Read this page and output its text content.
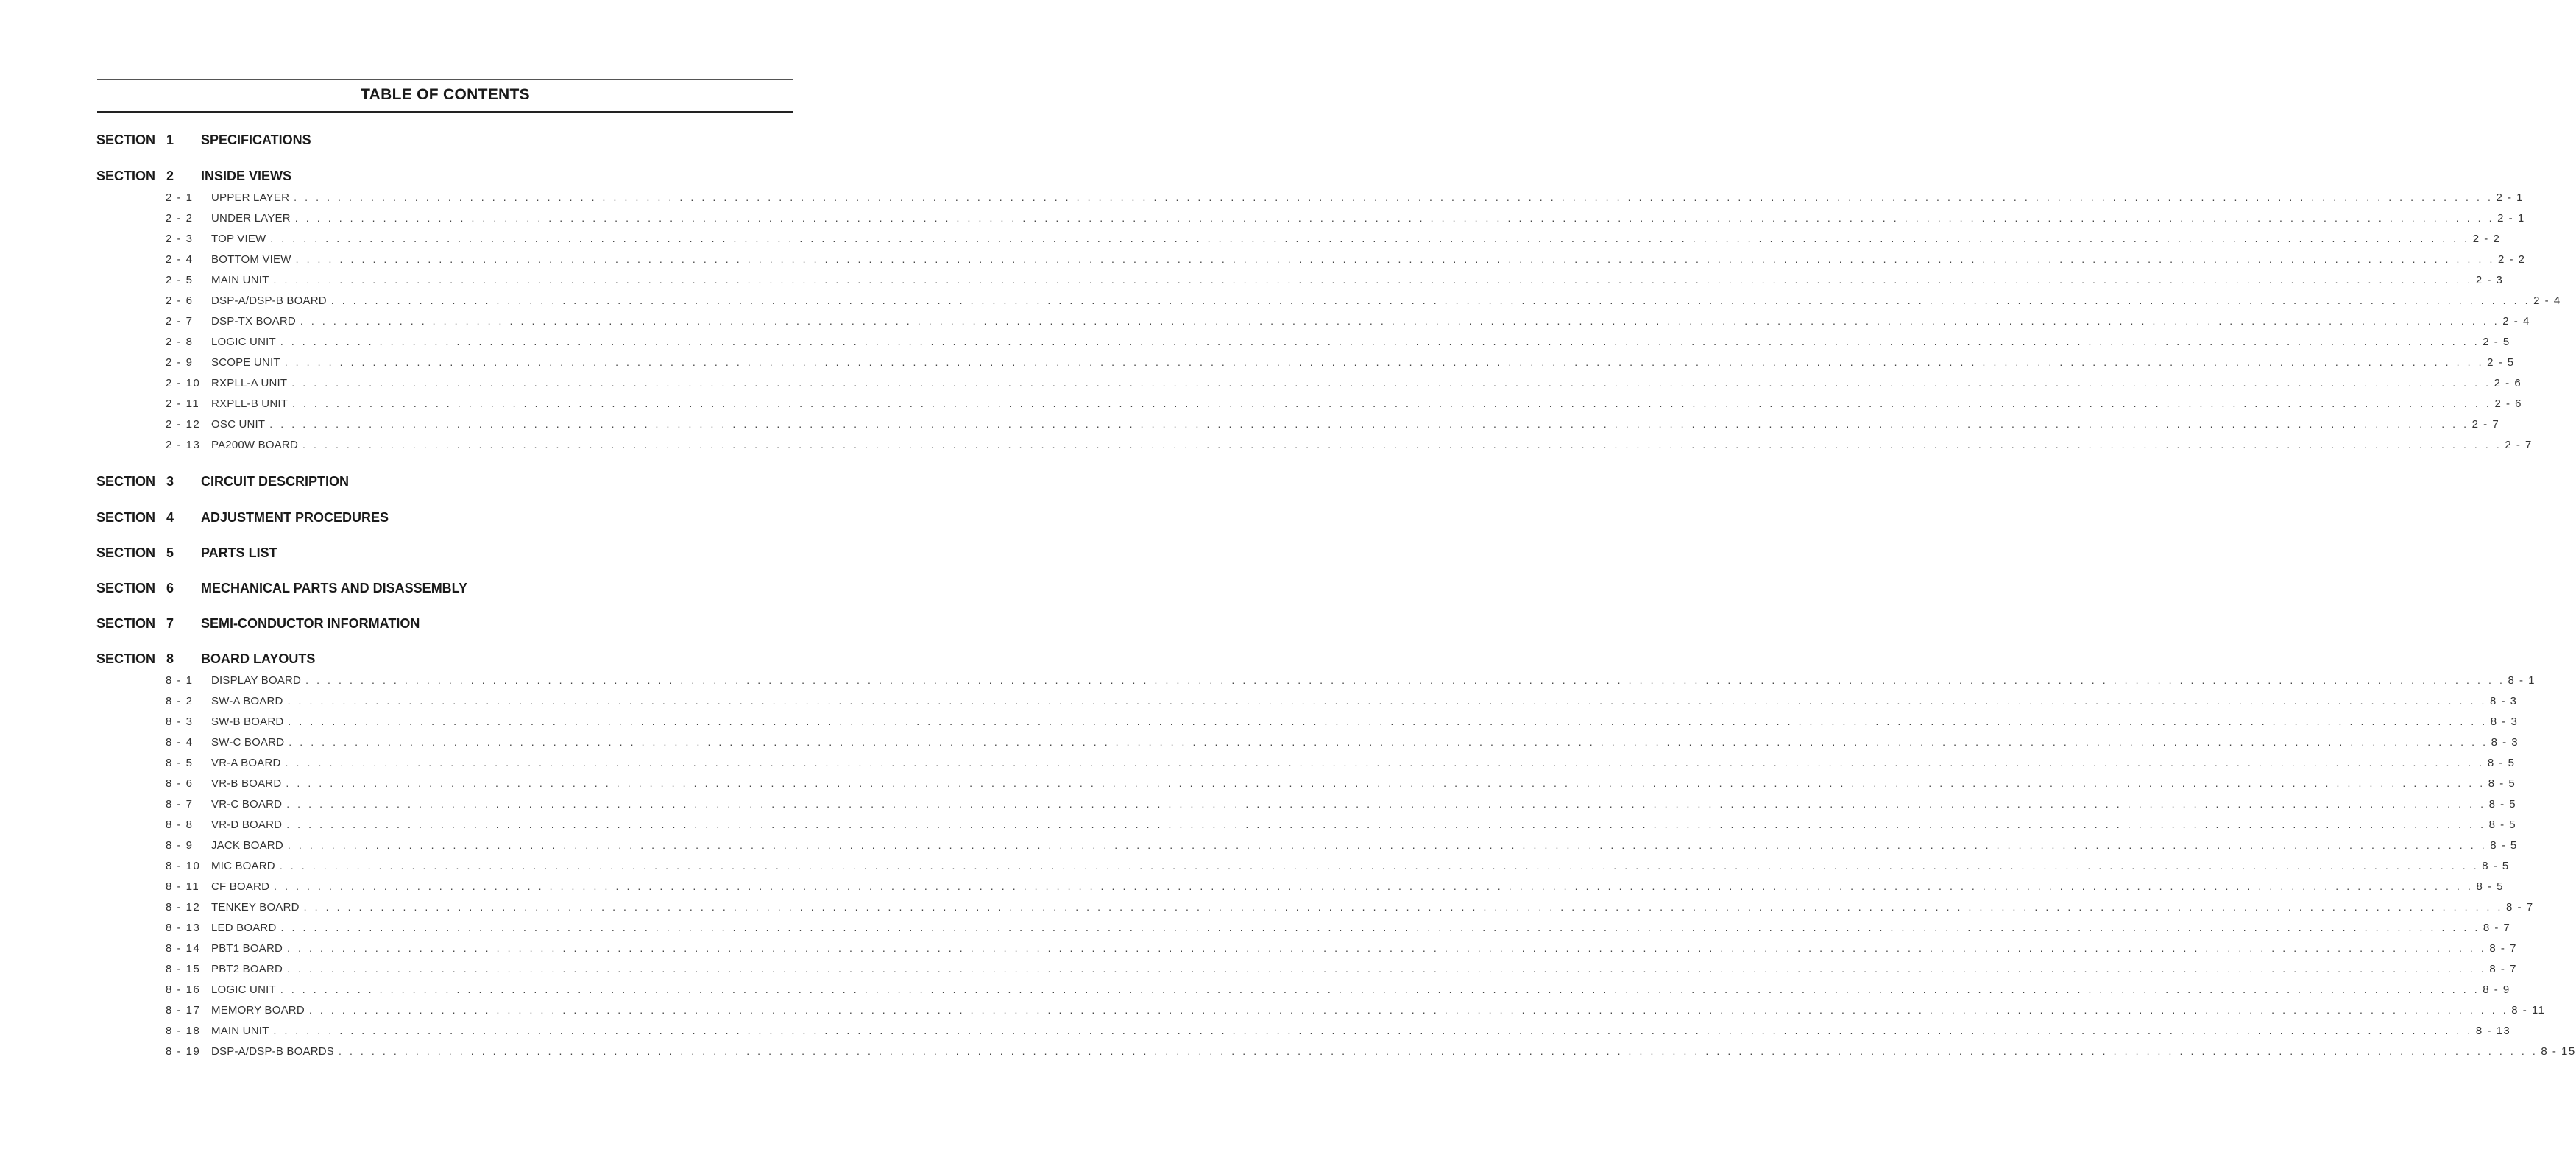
TABLE OF CONTENTS
SECTION 1 SPECIFICATIONS
SECTION 2 INSIDE VIEWS
2 - 1 UPPER LAYER . . . . . . . . . . . . . . . . . . . . . . . . . . . . . . . . . . . . . . . . . . . . . . . . . . . . . . . . . . . . . . . . . . . . . . . . . . . . . . . . . . . . . . . . . . . . . . . . . . . . . . . . . . . . . . . . . . . . . . . . . . . . . . . . . . . . . . . . . . . . . . . . . . . . . . . . . . . . . . . . . . . . . . . . . . . . . . . . . . . . . . . . . . . . . . . . . . . . . . . . 2 - 1
2 - 2 UNDER LAYER . . . . . . . . . . . . . . . . . . . . . . . . . . . . . . . . . . . . . . . . . . . . . . . . . . . . . . . . . . . . . . . . . . . . . . . . . . . . . . . . . . . . . . . . . . . . . . . . . . . . . . . . . . . . . . . . . . . . . . . . . . . . . . . . . . . . . . . . . . . . . . . . . . . . . . . . . . . . . . . . . . . . . . . . . . . . . . . . . . . . . . . . . . . . . . . . . . . . . . . . 2 - 1
2 - 3 TOP VIEW . . . . . . . . . . . . . . . . . . . . . . . . . . . . . . . . . . . . . . . . . . . . . . . . . . . . . . . . . . . . . . . . . . . . . . . . . . . . . . . . . . . . . . . . . . . . . . . . . . . . . . . . . . . . . . . . . . . . . . . . . . . . . . . . . . . . . . . . . . . . . . . . . . . . . . . . . . . . . . . . . . . . . . . . . . . . . . . . . . . . . . . . . . . . . . . . . . . . . . . . 2 - 2
2 - 4 BOTTOM VIEW . . . . . . . . . . . . . . . . . . . . . . . . . . . . . . . . . . . . . . . . . . . . . . . . . . . . . . . . . . . . . . . . . . . . . . . . . . . . . . . . . . . . . . . . . . . . . . . . . . . . . . . . . . . . . . . . . . . . . . . . . . . . . . . . . . . . . . . . . . . . . . . . . . . . . . . . . . . . . . . . . . . . . . . . . . . . . . . . . . . . . . . . . . . . . . . . . . . . . . . . 2 - 2
2 - 5 MAIN UNIT . . . . . . . . . . . . . . . . . . . . . . . . . . . . . . . . . . . . . . . . . . . . . . . . . . . . . . . . . . . . . . . . . . . . . . . . . . . . . . . . . . . . . . . . . . . . . . . . . . . . . . . . . . . . . . . . . . . . . . . . . . . . . . . . . . . . . . . . . . . . . . . . . . . . . . . . . . . . . . . . . . . . . . . . . . . . . . . . . . . . . . . . . . . . . . . . . . . . . . . . 2 - 3
2 - 6 DSP-A/DSP-B BOARD . . . . . . . . . . . . . . . . . . . . . . . . . . . . . . . . . . . . . . . . . . . . . . . . . . . . . . . . . . . . . . . . . . . . . . . . . . . . . . . . . . . . . . . . . . . . . . . . . . . . . . . . . . . . . . . . . . . . . . . . . . . . . . . . . . . . . . . . . . . . . . . . . . . . . . . . . . . . . . . . . . . . . . . . . . . . . . . . . . . . . . . . . . . . . . . . . . . . . . . . 2 - 4
2 - 7 DSP-TX BOARD . . . . . . . . . . . . . . . . . . . . . . . . . . . . . . . . . . . . . . . . . . . . . . . . . . . . . . . . . . . . . . . . . . . . . . . . . . . . . . . . . . . . . . . . . . . . . . . . . . . . . . . . . . . . . . . . . . . . . . . . . . . . . . . . . . . . . . . . . . . . . . . . . . . . . . . . . . . . . . . . . . . . . . . . . . . . . . . . . . . . . . . . . . . . . . . . . . . . . . . . 2 - 4
2 - 8 LOGIC UNIT . . . . . . . . . . . . . . . . . . . . . . . . . . . . . . . . . . . . . . . . . . . . . . . . . . . . . . . . . . . . . . . . . . . . . . . . . . . . . . . . . . . . . . . . . . . . . . . . . . . . . . . . . . . . . . . . . . . . . . . . . . . . . . . . . . . . . . . . . . . . . . . . . . . . . . . . . . . . . . . . . . . . . . . . . . . . . . . . . . . . . . . . . . . . . . . . . . . . . . . . 2 - 5
2 - 9 SCOPE UNIT . . . . . . . . . . . . . . . . . . . . . . . . . . . . . . . . . . . . . . . . . . . . . . . . . . . . . . . . . . . . . . . . . . . . . . . . . . . . . . . . . . . . . . . . . . . . . . . . . . . . . . . . . . . . . . . . . . . . . . . . . . . . . . . . . . . . . . . . . . . . . . . . . . . . . . . . . . . . . . . . . . . . . . . . . . . . . . . . . . . . . . . . . . . . . . . . . . . . . . . . 2 - 5
2 - 10 RXPLL-A UNIT . . . . . . . . . . . . . . . . . . . . . . . . . . . . . . . . . . . . . . . . . . . . . . . . . . . . . . . . . . . . . . . . . . . . . . . . . . . . . . . . . . . . . . . . . . . . . . . . . . . . . . . . . . . . . . . . . . . . . . . . . . . . . . . . . . . . . . . . . . . . . . . . . . . . . . . . . . . . . . . . . . . . . . . . . . . . . . . . . . . . . . . . . . . . . . . . . . . . . . . . 2 - 6
2 - 11 RXPLL-B UNIT . . . . . . . . . . . . . . . . . . . . . . . . . . . . . . . . . . . . . . . . . . . . . . . . . . . . . . . . . . . . . . . . . . . . . . . . . . . . . . . . . . . . . . . . . . . . . . . . . . . . . . . . . . . . . . . . . . . . . . . . . . . . . . . . . . . . . . . . . . . . . . . . . . . . . . . . . . . . . . . . . . . . . . . . . . . . . . . . . . . . . . . . . . . . . . . . . . . . . . . . 2 - 6
2 - 12 OSC UNIT . . . . . . . . . . . . . . . . . . . . . . . . . . . . . . . . . . . . . . . . . . . . . . . . . . . . . . . . . . . . . . . . . . . . . . . . . . . . . . . . . . . . . . . . . . . . . . . . . . . . . . . . . . . . . . . . . . . . . . . . . . . . . . . . . . . . . . . . . . . . . . . . . . . . . . . . . . . . . . . . . . . . . . . . . . . . . . . . . . . . . . . . . . . . . . . . . . . . . . . . 2 - 7
2 - 13 PA200W BOARD . . . . . . . . . . . . . . . . . . . . . . . . . . . . . . . . . . . . . . . . . . . . . . . . . . . . . . . . . . . . . . . . . . . . . . . . . . . . . . . . . . . . . . . . . . . . . . . . . . . . . . . . . . . . . . . . . . . . . . . . . . . . . . . . . . . . . . . . . . . . . . . . . . . . . . . . . . . . . . . . . . . . . . . . . . . . . . . . . . . . . . . . . . . . . . . . . . . . . . . . 2 - 7
SECTION 3 CIRCUIT DESCRIPTION
SECTION 4 ADJUSTMENT PROCEDURES
SECTION 5 PARTS LIST
SECTION 6 MECHANICAL PARTS AND DISASSEMBLY
SECTION 7 SEMI-CONDUCTOR INFORMATION
SECTION 8 BOARD LAYOUTS
8 - 1 DISPLAY BOARD . . . . . . . . . . . . . . . . . . . . . . . . . . . . . . . . . . . . . . . . . . . . . . . . . . . . . . . . . . . . . . . . . . . . . . . . . . . . . . . . . . . . . . . . . . . . . . . . . . . . . . . . . . . . . . . . . . . . . . . . . . . . . . . . . . . . . . . . . . . . . . . . . . . . . . . . . . . . . . . . . . . . . . . . . . . . . . . . . . . . . . . . . . . . . . . . . . . . . . . . 8 - 1
8 - 2 SW-A BOARD . . . . . . . . . . . . . . . . . . . . . . . . . . . . . . . . . . . . . . . . . . . . . . . . . . . . . . . . . . . . . . . . . . . . . . . . . . . . . . . . . . . . . . . . . . . . . . . . . . . . . . . . . . . . . . . . . . . . . . . . . . . . . . . . . . . . . . . . . . . . . . . . . . . . . . . . . . . . . . . . . . . . . . . . . . . . . . . . . . . . . . . . . . . . . . . . . . . . . . . . 8 - 3
8 - 3 SW-B BOARD . . . . . . . . . . . . . . . . . . . . . . . . . . . . . . . . . . . . . . . . . . . . . . . . . . . . . . . . . . . . . . . . . . . . . . . . . . . . . . . . . . . . . . . . . . . . . . . . . . . . . . . . . . . . . . . . . . . . . . . . . . . . . . . . . . . . . . . . . . . . . . . . . . . . . . . . . . . . . . . . . . . . . . . . . . . . . . . . . . . . . . . . . . . . . . . . . . . . . . . . 8 - 3
8 - 4 SW-C BOARD . . . . . . . . . . . . . . . . . . . . . . . . . . . . . . . . . . . . . . . . . . . . . . . . . . . . . . . . . . . . . . . . . . . . . . . . . . . . . . . . . . . . . . . . . . . . . . . . . . . . . . . . . . . . . . . . . . . . . . . . . . . . . . . . . . . . . . . . . . . . . . . . . . . . . . . . . . . . . . . . . . . . . . . . . . . . . . . . . . . . . . . . . . . . . . . . . . . . . . . . 8 - 3
8 - 5 VR-A BOARD . . . . . . . . . . . . . . . . . . . . . . . . . . . . . . . . . . . . . . . . . . . . . . . . . . . . . . . . . . . . . . . . . . . . . . . . . . . . . . . . . . . . . . . . . . . . . . . . . . . . . . . . . . . . . . . . . . . . . . . . . . . . . . . . . . . . . . . . . . . . . . . . . . . . . . . . . . . . . . . . . . . . . . . . . . . . . . . . . . . . . . . . . . . . . . . . . . . . . . . . 8 - 5
8 - 6 VR-B BOARD . . . . . . . . . . . . . . . . . . . . . . . . . . . . . . . . . . . . . . . . . . . . . . . . . . . . . . . . . . . . . . . . . . . . . . . . . . . . . . . . . . . . . . . . . . . . . . . . . . . . . . . . . . . . . . . . . . . . . . . . . . . . . . . . . . . . . . . . . . . . . . . . . . . . . . . . . . . . . . . . . . . . . . . . . . . . . . . . . . . . . . . . . . . . . . . . . . . . . . . . 8 - 5
8 - 7 VR-C BOARD . . . . . . . . . . . . . . . . . . . . . . . . . . . . . . . . . . . . . . . . . . . . . . . . . . . . . . . . . . . . . . . . . . . . . . . . . . . . . . . . . . . . . . . . . . . . . . . . . . . . . . . . . . . . . . . . . . . . . . . . . . . . . . . . . . . . . . . . . . . . . . . . . . . . . . . . . . . . . . . . . . . . . . . . . . . . . . . . . . . . . . . . . . . . . . . . . . . . . . . . 8 - 5
8 - 8 VR-D BOARD . . . . . . . . . . . . . . . . . . . . . . . . . . . . . . . . . . . . . . . . . . . . . . . . . . . . . . . . . . . . . . . . . . . . . . . . . . . . . . . . . . . . . . . . . . . . . . . . . . . . . . . . . . . . . . . . . . . . . . . . . . . . . . . . . . . . . . . . . . . . . . . . . . . . . . . . . . . . . . . . . . . . . . . . . . . . . . . . . . . . . . . . . . . . . . . . . . . . . . . . 8 - 5
8 - 9 JACK BOARD . . . . . . . . . . . . . . . . . . . . . . . . . . . . . . . . . . . . . . . . . . . . . . . . . . . . . . . . . . . . . . . . . . . . . . . . . . . . . . . . . . . . . . . . . . . . . . . . . . . . . . . . . . . . . . . . . . . . . . . . . . . . . . . . . . . . . . . . . . . . . . . . . . . . . . . . . . . . . . . . . . . . . . . . . . . . . . . . . . . . . . . . . . . . . . . . . . . . . . . . 8 - 5
8 - 10 MIC BOARD . . . . . . . . . . . . . . . . . . . . . . . . . . . . . . . . . . . . . . . . . . . . . . . . . . . . . . . . . . . . . . . . . . . . . . . . . . . . . . . . . . . . . . . . . . . . . . . . . . . . . . . . . . . . . . . . . . . . . . . . . . . . . . . . . . . . . . . . . . . . . . . . . . . . . . . . . . . . . . . . . . . . . . . . . . . . . . . . . . . . . . . . . . . . . . . . . . . . . . . . 8 - 5
8 - 11 CF BOARD . . . . . . . . . . . . . . . . . . . . . . . . . . . . . . . . . . . . . . . . . . . . . . . . . . . . . . . . . . . . . . . . . . . . . . . . . . . . . . . . . . . . . . . . . . . . . . . . . . . . . . . . . . . . . . . . . . . . . . . . . . . . . . . . . . . . . . . . . . . . . . . . . . . . . . . . . . . . . . . . . . . . . . . . . . . . . . . . . . . . . . . . . . . . . . . . . . . . . . . . 8 - 5
8 - 12 TENKEY BOARD . . . . . . . . . . . . . . . . . . . . . . . . . . . . . . . . . . . . . . . . . . . . . . . . . . . . . . . . . . . . . . . . . . . . . . . . . . . . . . . . . . . . . . . . . . . . . . . . . . . . . . . . . . . . . . . . . . . . . . . . . . . . . . . . . . . . . . . . . . . . . . . . . . . . . . . . . . . . . . . . . . . . . . . . . . . . . . . . . . . . . . . . . . . . . . . . . . . . . . . . 8 - 7
8 - 13 LED BOARD . . . . . . . . . . . . . . . . . . . . . . . . . . . . . . . . . . . . . . . . . . . . . . . . . . . . . . . . . . . . . . . . . . . . . . . . . . . . . . . . . . . . . . . . . . . . . . . . . . . . . . . . . . . . . . . . . . . . . . . . . . . . . . . . . . . . . . . . . . . . . . . . . . . . . . . . . . . . . . . . . . . . . . . . . . . . . . . . . . . . . . . . . . . . . . . . . . . . . . . . 8 - 7
8 - 14 PBT1 BOARD . . . . . . . . . . . . . . . . . . . . . . . . . . . . . . . . . . . . . . . . . . . . . . . . . . . . . . . . . . . . . . . . . . . . . . . . . . . . . . . . . . . . . . . . . . . . . . . . . . . . . . . . . . . . . . . . . . . . . . . . . . . . . . . . . . . . . . . . . . . . . . . . . . . . . . . . . . . . . . . . . . . . . . . . . . . . . . . . . . . . . . . . . . . . . . . . . . . . . . . . 8 - 7
8 - 15 PBT2 BOARD . . . . . . . . . . . . . . . . . . . . . . . . . . . . . . . . . . . . . . . . . . . . . . . . . . . . . . . . . . . . . . . . . . . . . . . . . . . . . . . . . . . . . . . . . . . . . . . . . . . . . . . . . . . . . . . . . . . . . . . . . . . . . . . . . . . . . . . . . . . . . . . . . . . . . . . . . . . . . . . . . . . . . . . . . . . . . . . . . . . . . . . . . . . . . . . . . . . . . . . . 8 - 7
8 - 16 LOGIC UNIT . . . . . . . . . . . . . . . . . . . . . . . . . . . . . . . . . . . . . . . . . . . . . . . . . . . . . . . . . . . . . . . . . . . . . . . . . . . . . . . . . . . . . . . . . . . . . . . . . . . . . . . . . . . . . . . . . . . . . . . . . . . . . . . . . . . . . . . . . . . . . . . . . . . . . . . . . . . . . . . . . . . . . . . . . . . . . . . . . . . . . . . . . . . . . . . . . . . . . . . . 8 - 9
8 - 17 MEMORY BOARD . . . . . . . . . . . . . . . . . . . . . . . . . . . . . . . . . . . . . . . . . . . . . . . . . . . . . . . . . . . . . . . . . . . . . . . . . . . . . . . . . . . . . . . . . . . . . . . . . . . . . . . . . . . . . . . . . . . . . . . . . . . . . . . . . . . . . . . . . . . . . . . . . . . . . . . . . . . . . . . . . . . . . . . . . . . . . . . . . . . . . . . . . . . . . . . . . . . . . . . . 8 - 11
8 - 18 MAIN UNIT . . . . . . . . . . . . . . . . . . . . . . . . . . . . . . . . . . . . . . . . . . . . . . . . . . . . . . . . . . . . . . . . . . . . . . . . . . . . . . . . . . . . . . . . . . . . . . . . . . . . . . . . . . . . . . . . . . . . . . . . . . . . . . . . . . . . . . . . . . . . . . . . . . . . . . . . . . . . . . . . . . . . . . . . . . . . . . . . . . . . . . . . . . . . . . . . . . . . . . . . 8 - 13
8 - 19 DSP-A/DSP-B BOARDS . . . . . . . . . . . . . . . . . . . . . . . . . . . . . . . . . . . . . . . . . . . . . . . . . . . . . . . . . . . . . . . . . . . . . . . . . . . . . . . . . . . . . . . . . . . . . . . . . . . . . . . . . . . . . . . . . . . . . . . . . . . . . . . . . . . . . . . . . . . . . . . . . . . . . . . . . . . . . . . . . . . . . . . . . . . . . . . . . . . . . . . . . . . . . . . . . . . . . . . . 8 - 15
